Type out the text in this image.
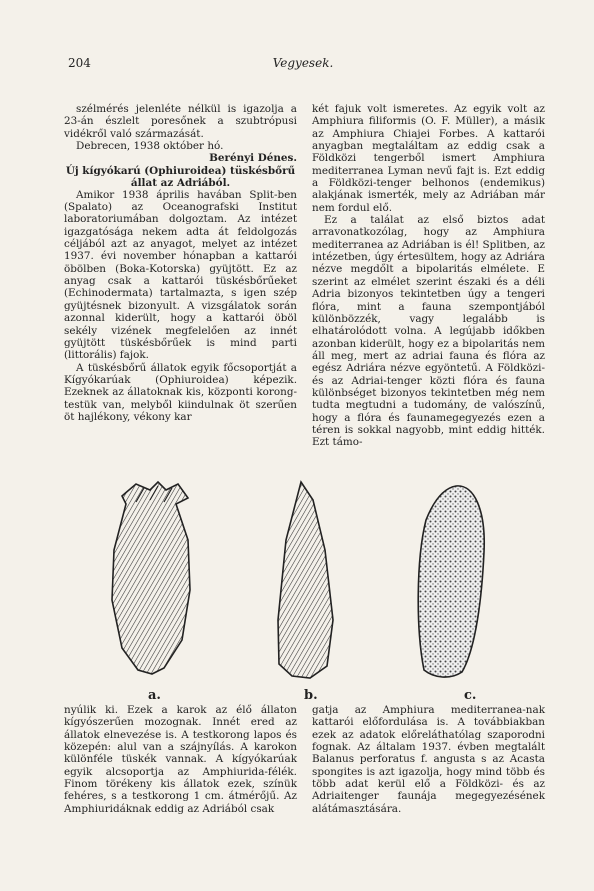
204	Vegyesek.

szélmérés jelenléte nélkül is igazolja a 23-án észlelt poresőnek a szubtrópusi vidékről való származását.

Debrecen, 1938 október hó.

Berényi Dénes.

Új kígyókarú (Ophiuroidea) tüskésbőrű állat az Adriából.

Amikor 1938 április havában Split-ben (Spalato) az Oceanografski Institut laboratoriumában dolgoztam. Az intézet igazgatósága nekem adta át feldolgozás céljából azt az anyagot, melyet az intézet 1937. évi november hónapban a kattarói öbölben (Boka-Kotorska) gyüjtött. Ez az anyag csak a kattarói tüskésbőrűeket (Echinodermata) tartalmazta, s igen szép gyüjtésnek bizonyult. A vizsgálatok során azonnal kiderült, hogy a kattarói öböl sekély vizének megfelelően az innét gyüjtött tüskésbőrűek is mind parti (littorális) fajok.

A tüskésbőrű állatok egyik főcsoportját a Kígyókarúak (Ophiuroidea) képezik. Ezeknek az állatoknak kis, központi korong-testük van, melyből kiindulnak öt szerűen öt hajlékony, vékony kar

két fajuk volt ismeretes. Az egyik volt az Amphiura filiformis (O. F. Müller), a másik az Amphiura Chiajei Forbes. A kattarói anyagban megtaláltam az eddig csak a Földközi tengerből ismert Amphiura mediterranea Lyman nevű fajt is. Ezt eddig a Földközi-tenger belhonos (endemikus) alakjának ismerték, mely az Adriában már nem fordul elő.

Ez a találat az első biztos adat arravonatkozólag, hogy az Amphiura mediterranea az Adriában is él! Splitben, az intézetben, úgy értesültem, hogy az Adriára nézve megdőlt a bipolaritás elmélete. E szerint az elmélet szerint északi és a déli Adria bizonyos tekintetben úgy a tengeri flóra, mint a fauna szempontjából különbözzék, vagy legalább is elhatárolódott volna. A legújabb időkben azonban kiderült, hogy ez a bipolaritás nem áll meg, mert az adriai fauna és flóra az egész Adriára nézve egyöntetű. A Földközi- és az Adriai-tenger közti flóra és fauna különbséget bizonyos tekintetben még nem tudta megtudni a tudomány, de valószínű, hogy a flóra és faunamegegyezés ezen a téren is sokkal nagyobb, mint eddig hitték. Ezt támo-

a.	b.	c.

nyúlik ki. Ezek a karok az élő állaton kígyószerűen mozognak. Innét ered az állatok elnevezése is. A testkorong lapos és közepén: alul van a szájnyílás. A karokon különféle tüskék vannak. A kígyókarúak egyik alcsoportja az Amphiurida-félék. Finom törékeny kis állatok ezek, színük fehéres, s a testkorong 1 cm. átmérőjű. Az Amphiuridáknak eddig az Adriából csak

gatja az Amphiura mediterranea-nak kattarói előfordulása is. A továbbiakban ezek az adatok előreláthatólag szaporodni fognak. Az általam 1937. évben megtalált Balanus perforatus f. angusta s az Acasta spongites is azt igazolja, hogy mind több és több adat kerül elő a Földközi- és az Adriaitenger faunája megegyezésének alátámasztására.
